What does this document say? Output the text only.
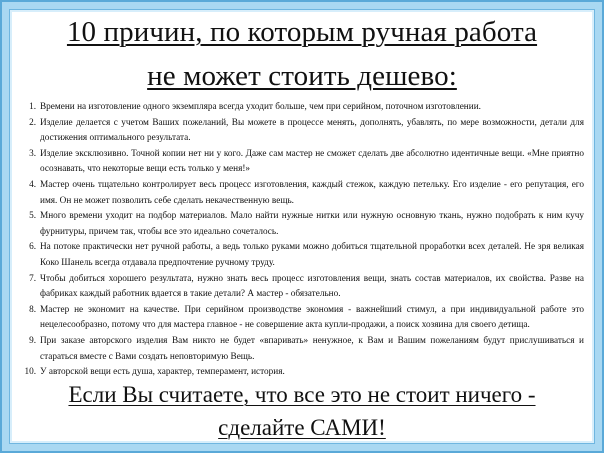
10 причин, по которым ручная работа
не может стоить дешево:
1. Времени на изготовление одного экземпляра всегда уходит больше, чем при серийном, поточном изготовлении.
2. Изделие делается с учетом Ваших пожеланий, Вы можете в процессе менять, дополнять, убавлять, по мере возможности, детали для достижения оптимального результата.
3. Изделие эксклюзивно. Точной копии нет ни у кого. Даже сам мастер не сможет сделать две абсолютно идентичные вещи. «Мне приятно осознавать, что некоторые вещи есть только у меня!»
4. Мастер очень тщательно контролирует весь процесс изготовления, каждый стежок, каждую петельку. Его изделие - его репутация, его имя. Он не может позволить себе сделать некачественную вещь.
5. Много времени уходит на подбор материалов. Мало найти нужные нитки или нужную основную ткань, нужно подобрать к ним кучу фурнитуры, причем так, чтобы все это идеально сочеталось.
6. На потоке практически нет ручной работы, а ведь только руками можно добиться тщательной проработки всех деталей. Не зря великая Коко Шанель всегда отдавала предпочтение ручному труду.
7. Чтобы добиться хорошего результата, нужно знать весь процесс изготовления вещи, знать состав материалов, их свойства. Разве на фабриках каждый работник вдается в такие детали? А мастер - обязательно.
8. Мастер не экономит на качестве. При серийном производстве экономия - важнейший стимул, а при индивидуальной работе это нецелесообразно, потому что для мастера главное - не совершение акта купли-продажи, а поиск хозяина для своего детища.
9. При заказе авторского изделия Вам никто не будет «впаривать» ненужное, к Вам и Вашим пожеланиям будут прислушиваться и стараться вместе с Вами создать неповторимую Вещь.
10. У авторской вещи есть душа, характер, темперамент, история.
Если Вы считаете, что все это не стоит ничего -
сделайте САМИ!
